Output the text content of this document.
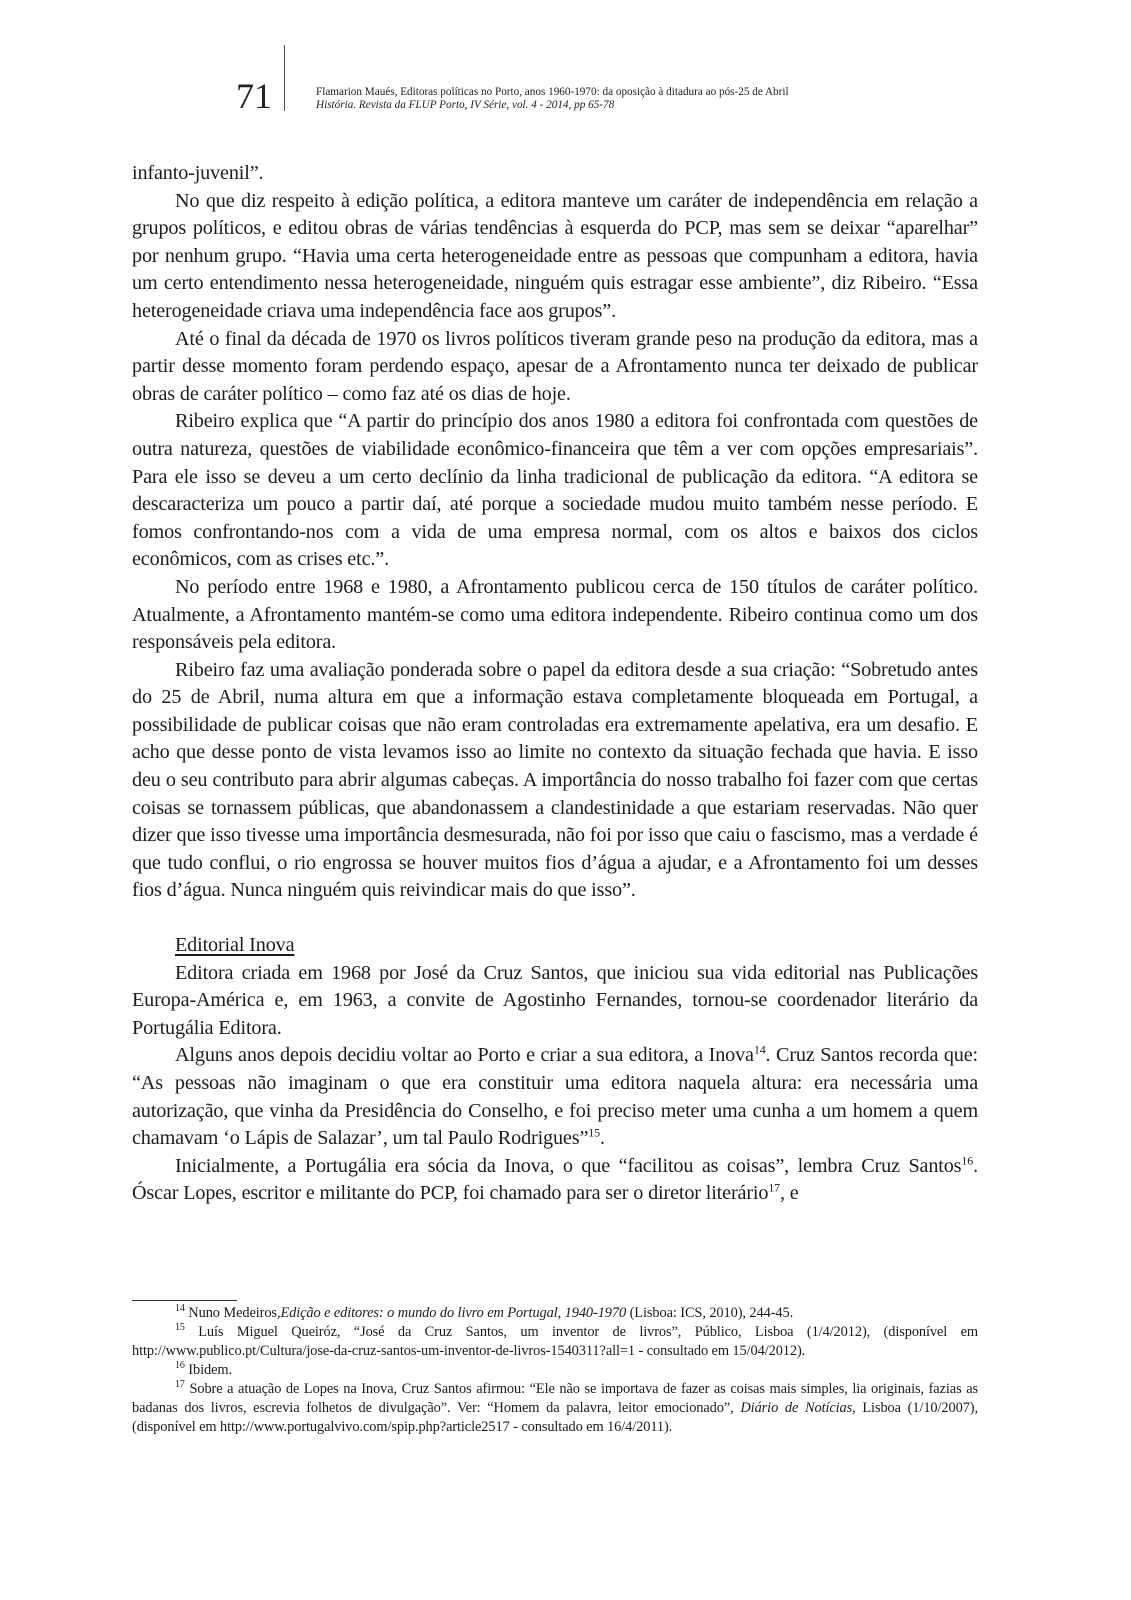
71	Flamarion Maués, Editoras políticas no Porto, anos 1960-1970: da oposição à ditadura ao pós-25 de Abril
História. Revista da FLUP Porto, IV Série, vol. 4 - 2014, pp 65-78

infanto-juvenil”.

No que diz respeito à edição política, a editora manteve um caráter de independência em relação a grupos políticos, e editou obras de várias tendências à esquerda do PCP, mas sem se deixar “aparelhar” por nenhum grupo. “Havia uma certa heterogeneidade entre as pessoas que compunham a editora, havia um certo entendimento nessa heterogeneidade, ninguém quis estragar esse ambiente”, diz Ribeiro. “Essa heterogeneidade criava uma independência face aos grupos”.

Até o final da década de 1970 os livros políticos tiveram grande peso na produção da editora, mas a partir desse momento foram perdendo espaço, apesar de a Afrontamento nunca ter deixado de publicar obras de caráter político – como faz até os dias de hoje.

Ribeiro explica que “A partir do princípio dos anos 1980 a editora foi confrontada com questões de outra natureza, questões de viabilidade econômico-financeira que têm a ver com opções empresariais”. Para ele isso se deveu a um certo declínio da linha tradicional de publicação da editora. “A editora se descaracteriza um pouco a partir daí, até porque a sociedade mudou muito também nesse período. E fomos confrontando-nos com a vida de uma empresa normal, com os altos e baixos dos ciclos econômicos, com as crises etc.”.

No período entre 1968 e 1980, a Afrontamento publicou cerca de 150 títulos de caráter político. Atualmente, a Afrontamento mantém-se como uma editora independente. Ribeiro continua como um dos responsáveis pela editora.

Ribeiro faz uma avaliação ponderada sobre o papel da editora desde a sua criação: “Sobretudo antes do 25 de Abril, numa altura em que a informação estava completamente bloqueada em Portugal, a possibilidade de publicar coisas que não eram controladas era extremamente apelativa, era um desafio. E acho que desse ponto de vista levamos isso ao limite no contexto da situação fechada que havia. E isso deu o seu contributo para abrir algumas cabeças. A importância do nosso trabalho foi fazer com que certas coisas se tornassem públicas, que abandonassem a clandestinidade a que estariam reservadas. Não quer dizer que isso tivesse uma importância desmesurada, não foi por isso que caiu o fascismo, mas a verdade é que tudo conflui, o rio engrossa se houver muitos fios d’água a ajudar, e a Afrontamento foi um desses fios d’água. Nunca ninguém quis reivindicar mais do que isso”.

Editorial Inova

Editora criada em 1968 por José da Cruz Santos, que iniciou sua vida editorial nas Publicações Europa-América e, em 1963, a convite de Agostinho Fernandes, tornou-se coordenador literário da Portugália Editora.

Alguns anos depois decidiu voltar ao Porto e criar a sua editora, a Inova$^{14}$. Cruz Santos recorda que: “As pessoas não imaginam o que era constituir uma editora naquela altura: era necessária uma autorização, que vinha da Presidência do Conselho, e foi preciso meter uma cunha a um homem a quem chamavam ‘o Lápis de Salazar’, um tal Paulo Rodrigues”$^{15}$.

Inicialmente, a Portugália era sócia da Inova, o que “facilitou as coisas”, lembra Cruz Santos$^{16}$. Óscar Lopes, escritor e militante do PCP, foi chamado para ser o diretor literário$^{17}$, e

$^{14}$ Nuno Medeiros,Edição e editores: o mundo do livro em Portugal, 1940-1970 (Lisboa: ICS, 2010), 244-45.

$^{15}$ Luís Miguel Queiróz, “José da Cruz Santos, um inventor de livros”, Público, Lisboa (1/4/2012), (disponível em http://www.publico.pt/Cultura/jose-da-cruz-santos-um-inventor-de-livros-1540311?all=1 - consultado em 15/04/2012).

$^{16}$ Ibidem.

$^{17}$ Sobre a atuação de Lopes na Inova, Cruz Santos afirmou: “Ele não se importava de fazer as coisas mais simples, lia originais, fazias as badanas dos livros, escrevia folhetos de divulgação”. Ver: “Homem da palavra, leitor emocionado”, Diário de Notícias, Lisboa (1/10/2007), (disponível em http://www.portugalvivo.com/spip.php?article2517 - consultado em 16/4/2011).
